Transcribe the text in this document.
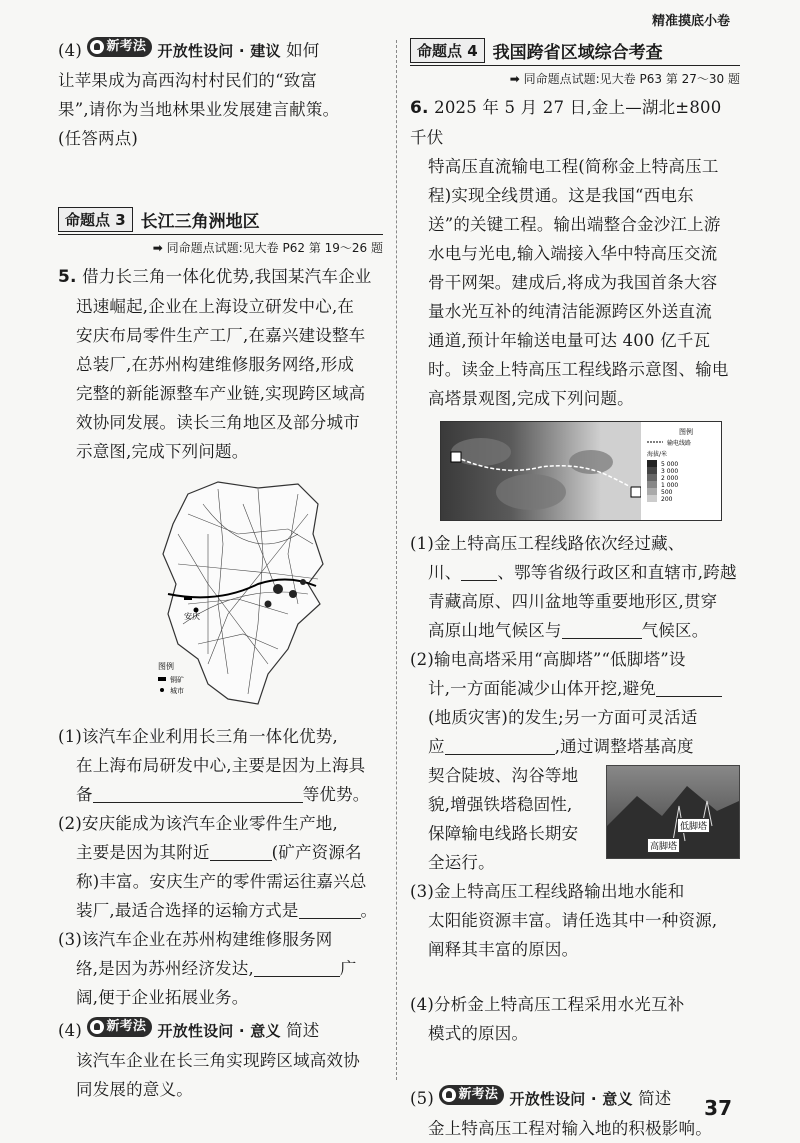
精准摸底小卷

(4) 新考法 开放性设问 · 建议 如何

让苹果成为高西沟村村民们的“致富

果”,请你为当地林果业发展建言献策。

(任答两点)

命题点 3 长江三角洲地区
➡ 同命题点试题:见大卷 P62 第 19～26 题

5. 借力长三角一体化优势,我国某汽车企业

迅速崛起,企业在上海设立研发中心,在

安庆布局零件生产工厂,在嘉兴建设整车

总装厂,在苏州构建维修服务网络,形成

完整的新能源整车产业链,实现跨区域高

效协同发展。读长三角地区及部分城市

示意图,完成下列问题。

安庆
图例
铜矿
城市

(1)该汽车企业利用长三角一体化优势,

在上海布局研发中心,主要是因为上海具

备	等优势。

(2)安庆能成为该汽车企业零件生产地,

主要是因为其附近	(矿产资源名

称)丰富。安庆生产的零件需运往嘉兴总

装厂,最适合选择的运输方式是	。

(3)该汽车企业在苏州构建维修服务网

络,是因为苏州经济发达,	广

阔,便于企业拓展业务。

(4) 新考法 开放性设问 · 意义 简述

该汽车企业在长三角实现跨区域高效协

同发展的意义。

命题点 4 我国跨省区域综合考查
➡ 同命题点试题:见大卷 P63 第 27～30 题

6. 2025 年 5 月 27 日,金上—湖北±800 千伏

特高压直流输电工程(简称金上特高压工

程)实现全线贯通。这是我国“西电东

送”的关键工程。输出端整合金沙江上游

水电与光电,输入端接入华中特高压交流

骨干网架。建成后,将成为我国首条大容

量水光互补的纯清洁能源跨区外送直流

通道,预计年输送电量可达 400 亿千瓦

时。读金上特高压工程线路示意图、输电

高塔景观图,完成下列问题。

图例
输电线路
海拔/米
5 000
3 000
2 000
1 000
500
200

(1)金上特高压工程线路依次经过藏、

川、 、鄂等省级行政区和直辖市,跨越

青藏高原、四川盆地等重要地形区,贯穿

高原山地气候区与	气候区。

(2)输电高塔采用“高脚塔”“低脚塔”设

计,一方面能减少山体开挖,避免

(地质灾害)的发生;另一方面可灵活适

应	,通过调整塔基高度

契合陡坡、沟谷等地

貌,增强铁塔稳固性,

保障输电线路长期安

全运行。

低脚塔
高脚塔

(3)金上特高压工程线路输出地水能和

太阳能资源丰富。请任选其中一种资源,

阐释其丰富的原因。

(4)分析金上特高压工程采用水光互补

模式的原因。

(5) 新考法 开放性设问 · 意义 简述

金上特高压工程对输入地的积极影响。

37
